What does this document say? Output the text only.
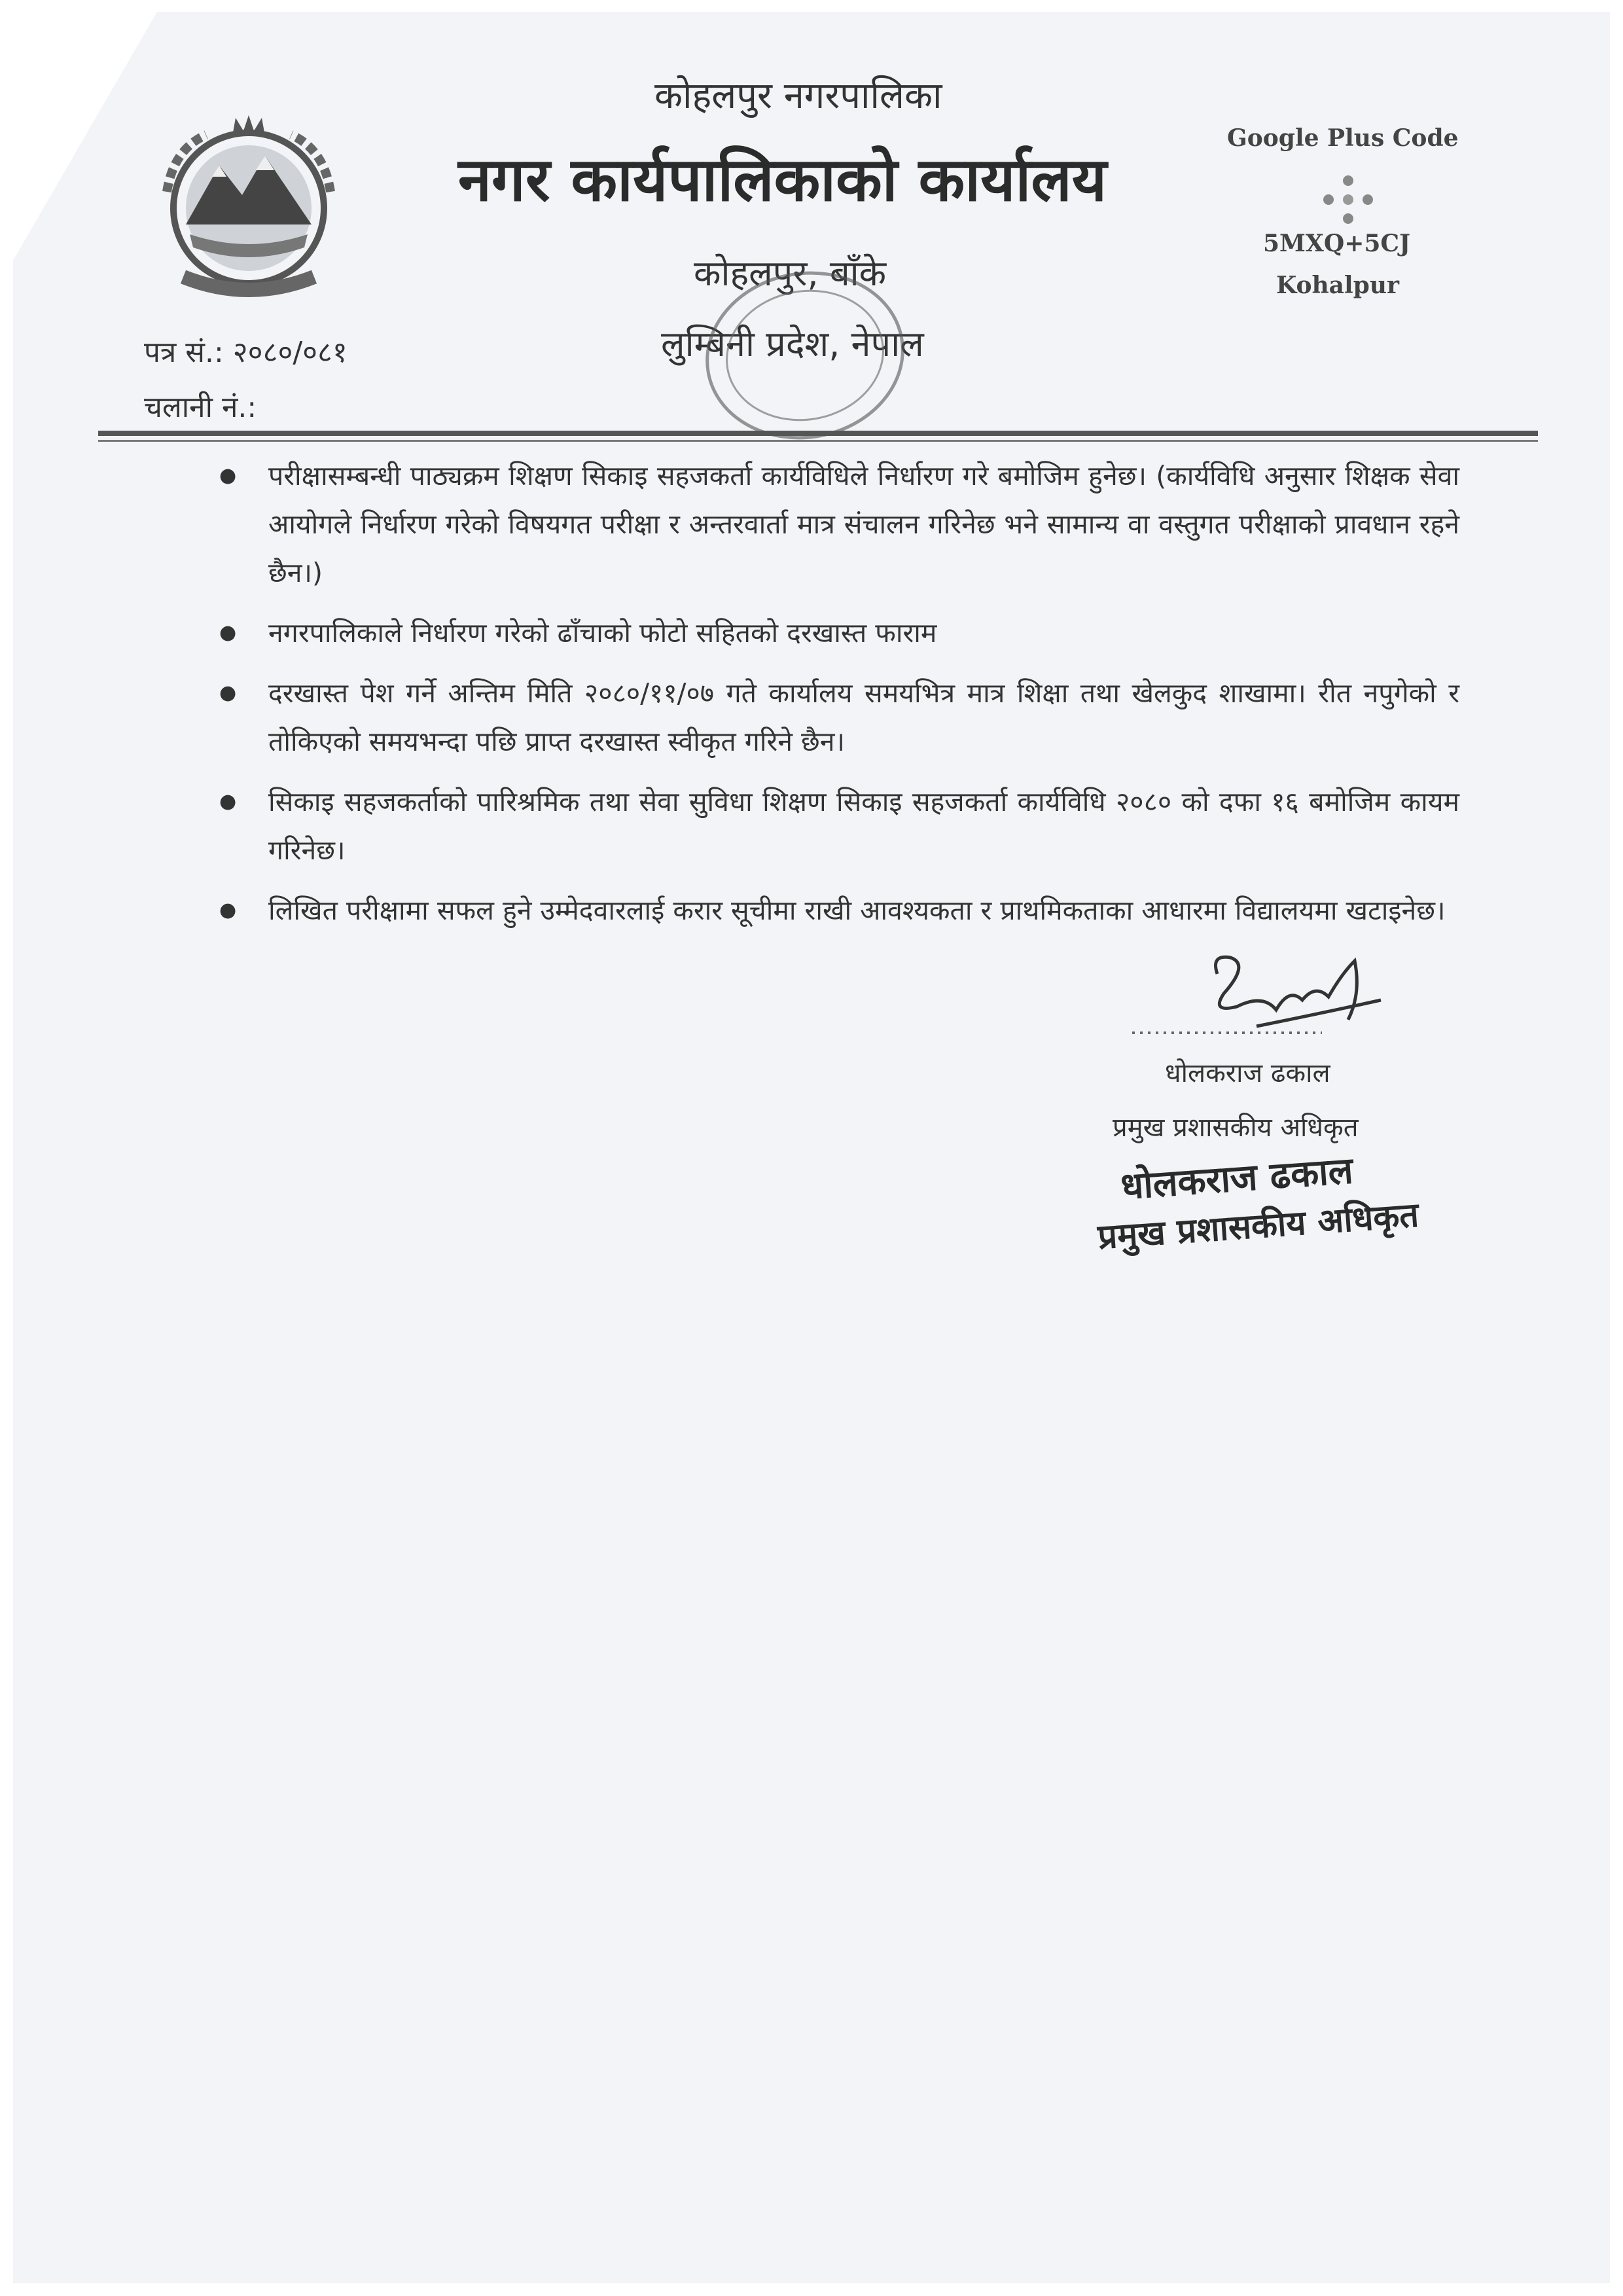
कोहलपुर नगरपालिका
नगर कार्यपालिकाको कार्यालय
कोहलपुर, बाँके
लुम्बिनी प्रदेश, नेपाल
Google Plus Code
5MXQ+5CJ
Kohalpur
पत्र सं.: २०८०/०८१
चलानी नं.:
● परीक्षासम्बन्धी पाठ्यक्रम शिक्षण सिकाइ सहजकर्ता कार्यविधिले निर्धारण गरे बमोजिम हुनेछ। (कार्यविधि अनुसार शिक्षक सेवा आयोगले निर्धारण गरेको विषयगत परीक्षा र अन्तरवार्ता मात्र संचालन गरिनेछ भने सामान्य वा वस्तुगत परीक्षाको प्रावधान रहने छैन।)
● नगरपालिकाले निर्धारण गरेको ढाँचाको फोटो सहितको दरखास्त फाराम
● दरखास्त पेश गर्ने अन्तिम मिति २०८०/११/०७ गते कार्यालय समयभित्र मात्र शिक्षा तथा खेलकुद शाखामा। रीत नपुगेको र तोकिएको समयभन्दा पछि प्राप्त दरखास्त स्वीकृत गरिने छैन।
● सिकाइ सहजकर्ताको पारिश्रमिक तथा सेवा सुविधा शिक्षण सिकाइ सहजकर्ता कार्यविधि २०८० को दफा १६ बमोजिम कायम गरिनेछ।
● लिखित परीक्षामा सफल हुने उम्मेदवारलाई करार सूचीमा राखी आवश्यकता र प्राथमिकताका आधारमा विद्यालयमा खटाइनेछ।
धोलकराज ढकाल
प्रमुख प्रशासकीय अधिकृत
धोलकराज ढकाल
प्रमुख प्रशासकीय अधिकृत
